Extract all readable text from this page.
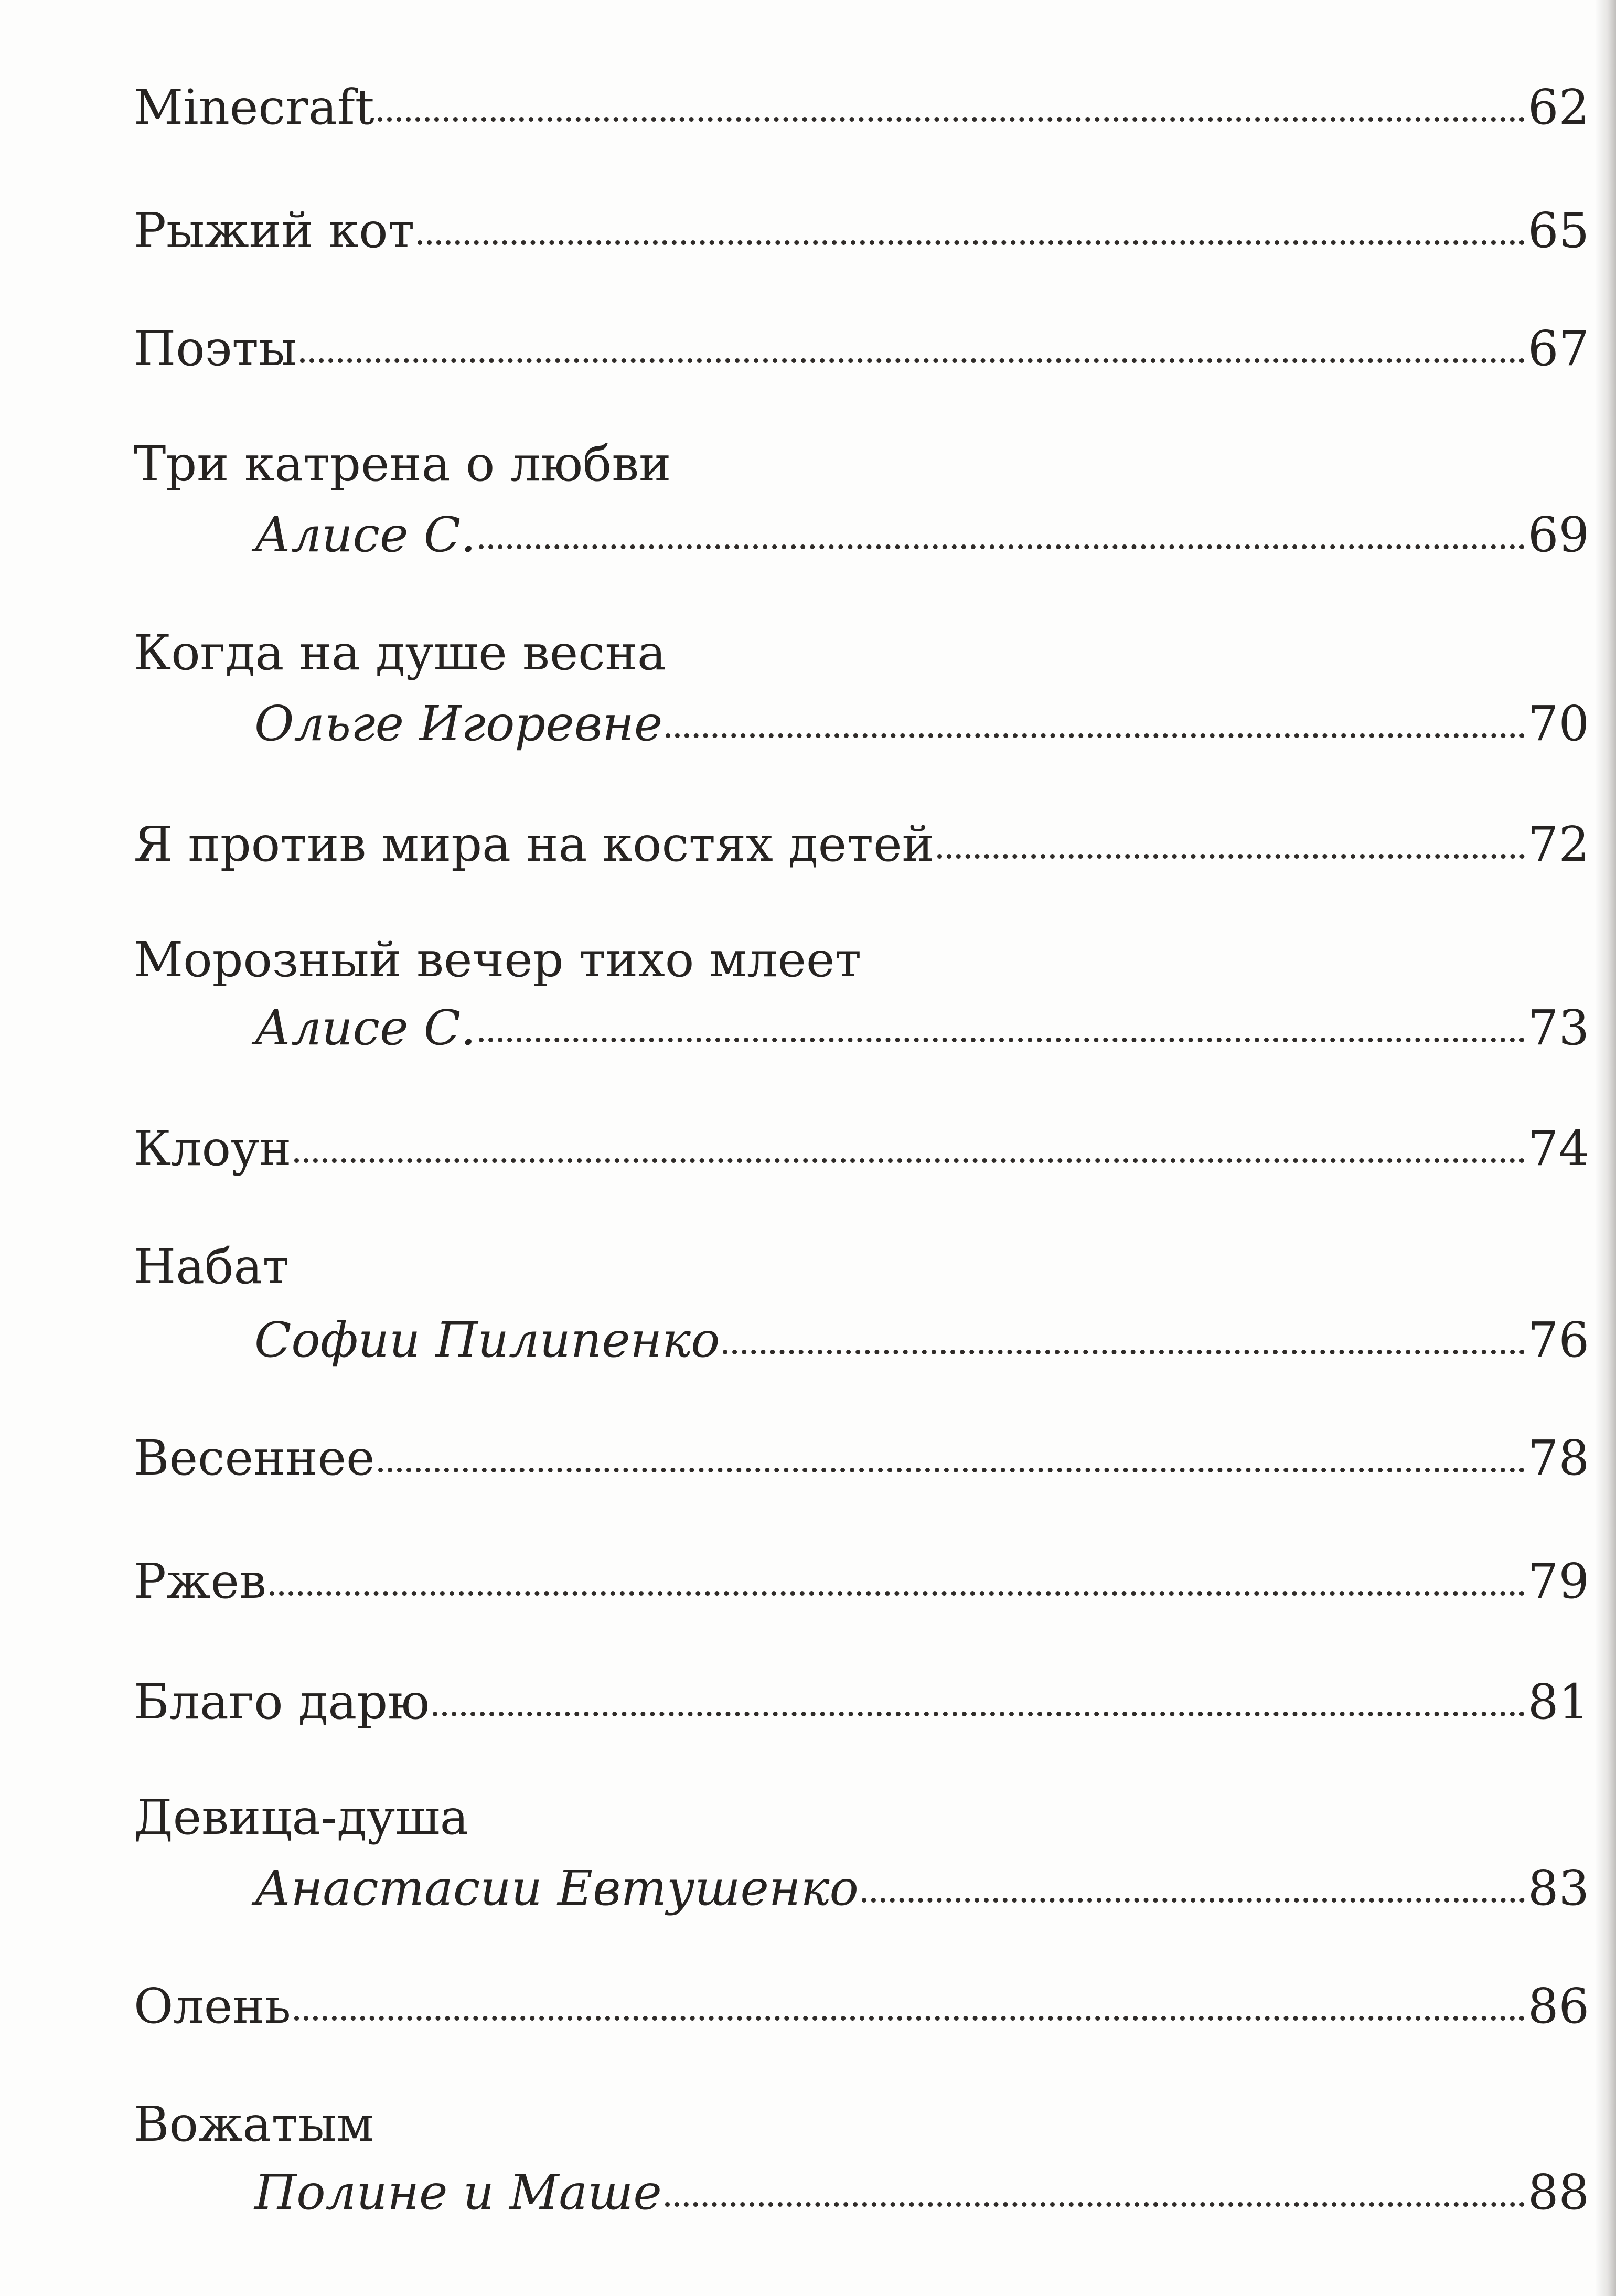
Minecraft	62
Рыжий кот	65
Поэты	67
Три катрена о любви
Алисе С.	69
Когда на душе весна
Ольге Игоревне	70
Я против мира на костях детей	72
Морозный вечер тихо млеет
Алисе С.	73
Клоун	74
Набат
Софии Пилипенко	76
Весеннее	78
Ржев	79
Благо дарю	81
Девица-душа
Анастасии Евтушенко	83
Олень	86
Вожатым
Полине и Маше	88
